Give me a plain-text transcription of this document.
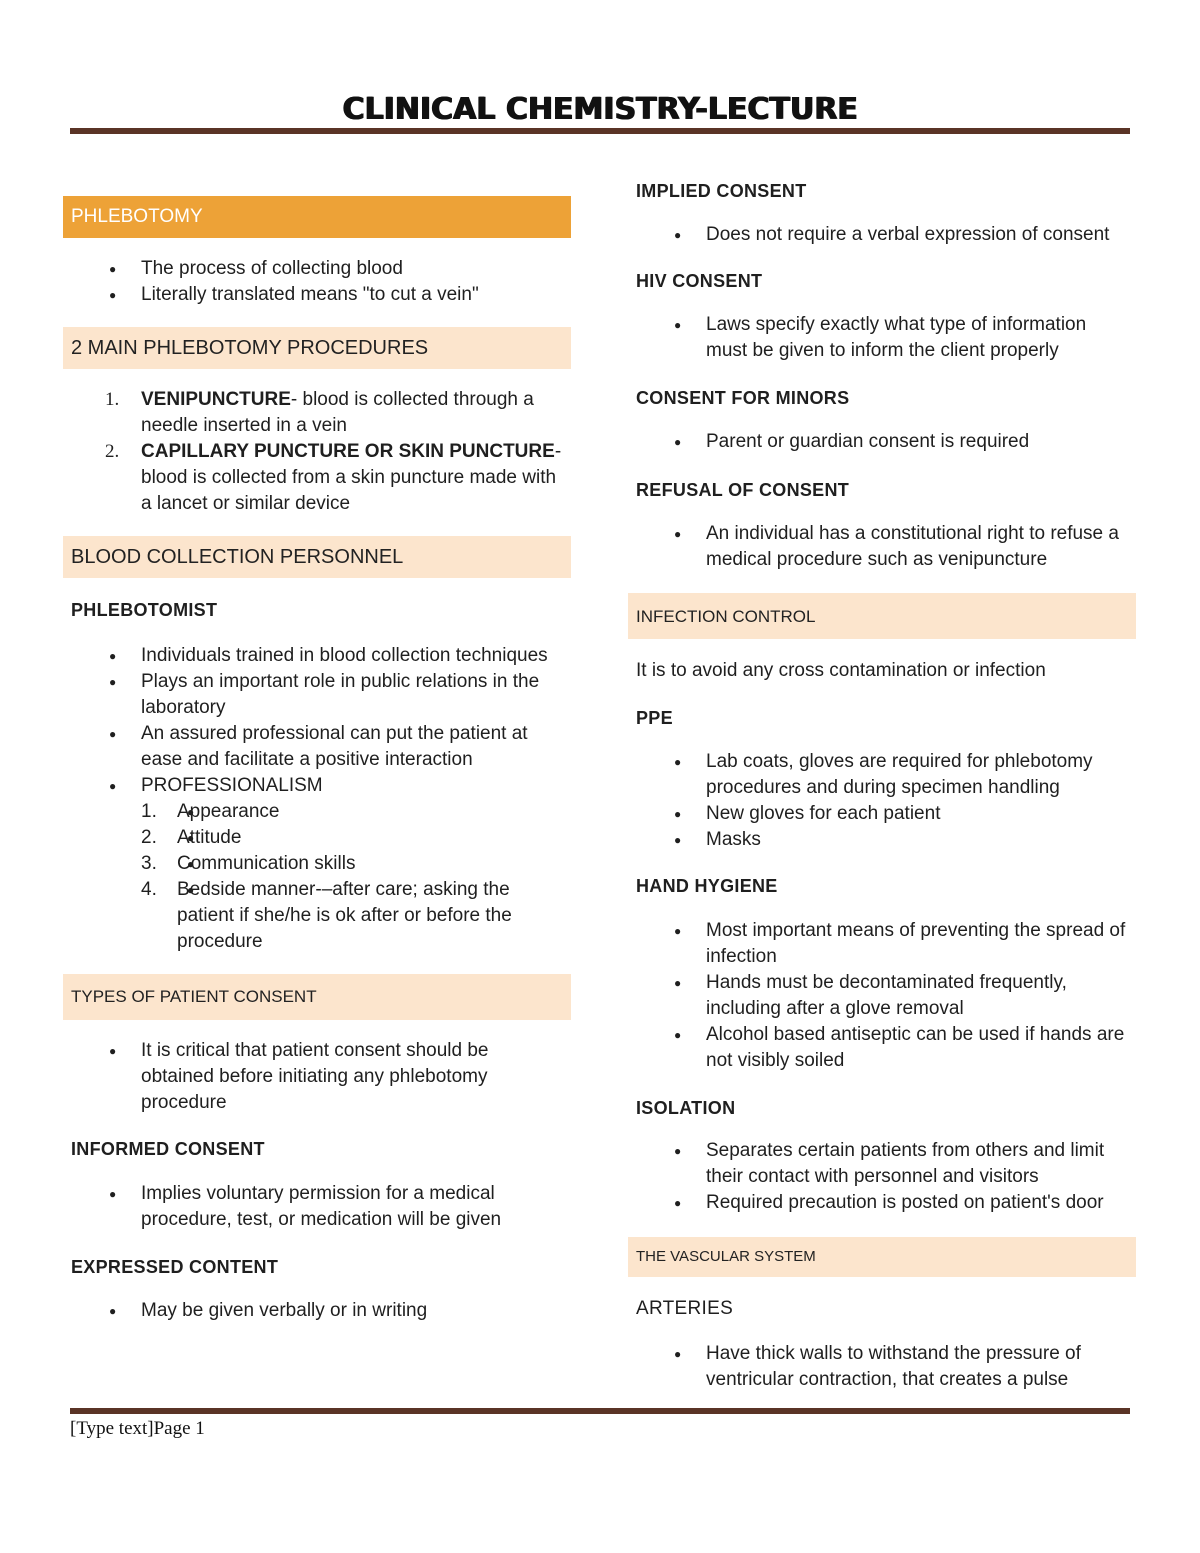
CLINICAL CHEMISTRY-LECTURE
PHLEBOTOMY
● The process of collecting blood
● Literally translated means "to cut a vein"
2 MAIN PHLEBOTOMY PROCEDURES
1. VENIPUNCTURE- blood is collected through a needle inserted in a vein
2. CAPILLARY PUNCTURE OR SKIN PUNCTURE- blood is collected from a skin puncture made with a lancet or similar device
BLOOD COLLECTION PERSONNEL
PHLEBOTOMIST
● Individuals trained in blood collection techniques
● Plays an important role in public relations in the laboratory
● An assured professional can put the patient at ease and facilitate a positive interaction
● PROFESSIONALISM
● 1. Appearance
● 2. Attitude
● 3. Communication skills
● 4. Bedside manner-–after care; asking the patient if she/he is ok after or before the procedure
TYPES OF PATIENT CONSENT
● It is critical that patient consent should be obtained before initiating any phlebotomy procedure
INFORMED CONSENT
● Implies voluntary permission for a medical procedure, test, or medication will be given
EXPRESSED CONTENT
● May be given verbally or in writing
IMPLIED CONSENT
● Does not require a verbal expression of consent
HIV CONSENT
● Laws specify exactly what type of information must be given to inform the client properly
CONSENT FOR MINORS
● Parent or guardian consent is required
REFUSAL OF CONSENT
● An individual has a constitutional right to refuse a medical procedure such as venipuncture
INFECTION CONTROL
It is to avoid any cross contamination or infection
PPE
● Lab coats, gloves are required for phlebotomy procedures and during specimen handling
● New gloves for each patient
● Masks
HAND HYGIENE
● Most important means of preventing the spread of infection
● Hands must be decontaminated frequently, including after a glove removal
● Alcohol based antiseptic can be used if hands are not visibly soiled
ISOLATION
● Separates certain patients from others and limit their contact with personnel and visitors
● Required precaution is posted on patient's door
THE VASCULAR SYSTEM
ARTERIES
● Have thick walls to withstand the pressure of ventricular contraction, that creates a pulse
[Type text]Page 1
